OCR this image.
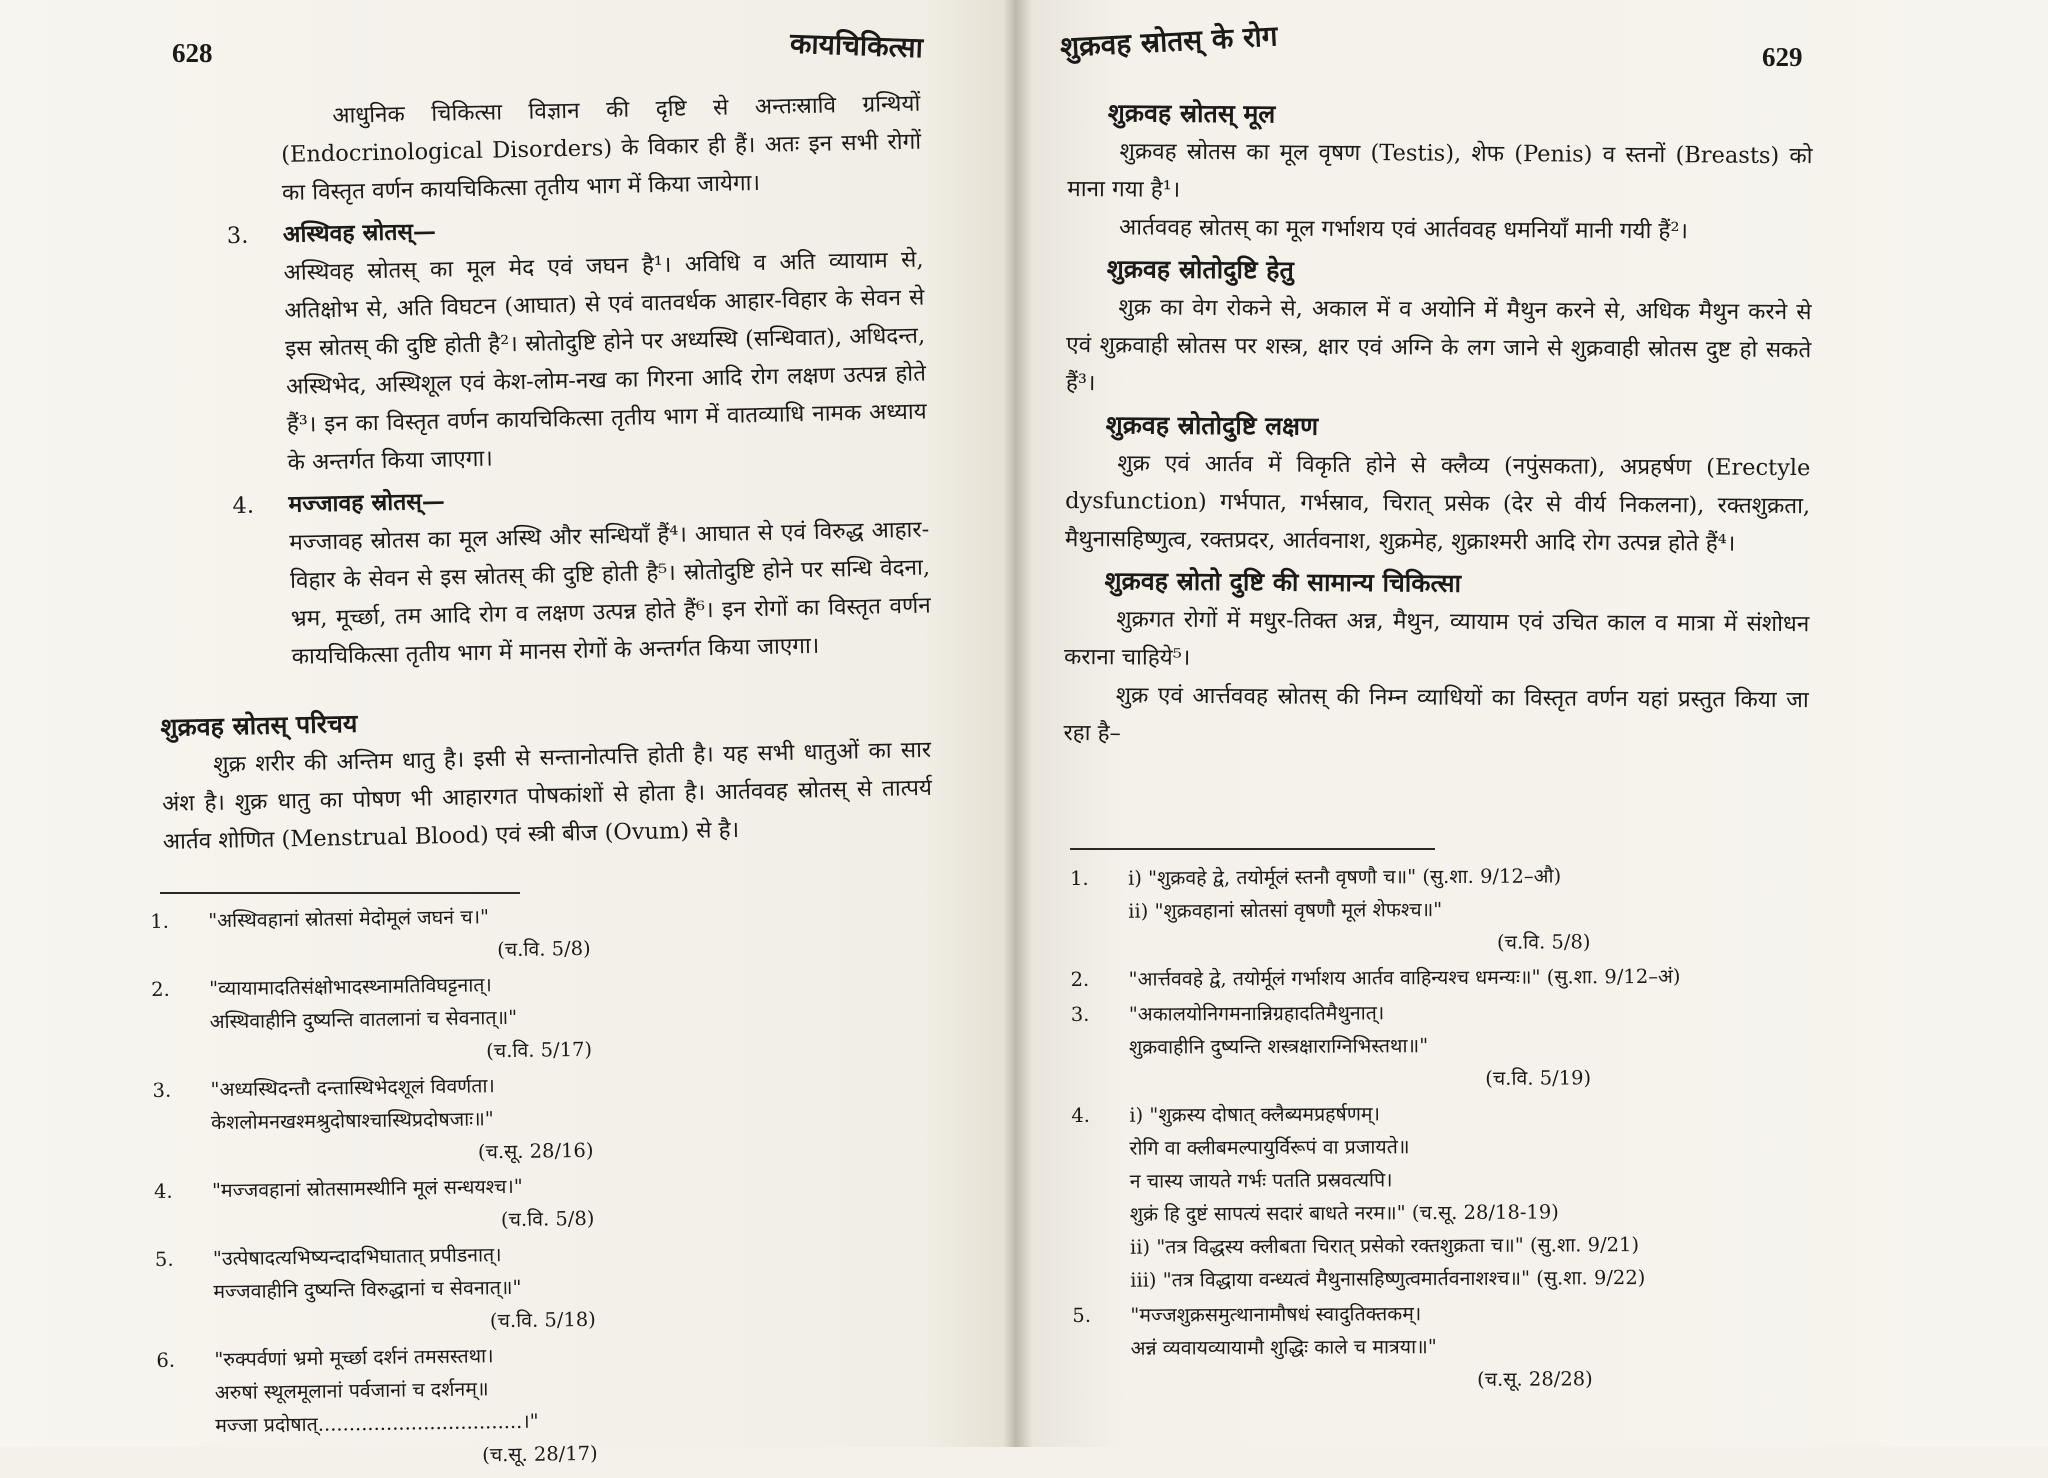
628	कायचिकित्सा

आधुनिक चिकित्सा विज्ञान की दृष्टि से अन्तःस्रावि ग्रन्थियों (Endocrinological Disorders) के विकार ही हैं। अतः इन सभी रोगों का विस्तृत वर्णन कायचिकित्सा तृतीय भाग में किया जायेगा।

3. अस्थिवह स्रोतस्—

अस्थिवह स्रोतस् का मूल मेद एवं जघन है¹। अविधि व अति व्यायाम से, अतिक्षोभ से, अति विघटन (आघात) से एवं वातवर्धक आहार-विहार के सेवन से इस स्रोतस् की दुष्टि होती है²। स्रोतोदुष्टि होने पर अध्यस्थि (सन्धिवात), अधिदन्त, अस्थिभेद, अस्थिशूल एवं केश-लोम-नख का गिरना आदि रोग लक्षण उत्पन्न होते हैं³। इन का विस्तृत वर्णन कायचिकित्सा तृतीय भाग में वातव्याधि नामक अध्याय के अन्तर्गत किया जाएगा।

4. मज्जावह स्रोतस्—

मज्जावह स्रोतस का मूल अस्थि और सन्धियाँ हैं⁴। आघात से एवं विरुद्ध आहार-विहार के सेवन से इस स्रोतस् की दुष्टि होती है⁵। स्रोतोदुष्टि होने पर सन्धि वेदना, भ्रम, मूर्च्छा, तम आदि रोग व लक्षण उत्पन्न होते हैं⁶। इन रोगों का विस्तृत वर्णन कायचिकित्सा तृतीय भाग में मानस रोगों के अन्तर्गत किया जाएगा।

शुक्रवह स्रोतस् परिचय

शुक्र शरीर की अन्तिम धातु है। इसी से सन्तानोत्पत्ति होती है। यह सभी धातुओं का सार अंश है। शुक्र धातु का पोषण भी आहारगत पोषकांशों से होता है। आर्तववह स्रोतस् से तात्पर्य आर्तव शोणित (Menstrual Blood) एवं स्त्री बीज (Ovum) से है।

1. "अस्थिवहानां स्रोतसां मेदोमूलं जघनं च।"
(च.वि. 5/8)
2. "व्यायामादतिसंक्षोभादस्थ्नामतिविघट्टनात्।
अस्थिवाहीनि दुष्यन्ति वातलानां च सेवनात्॥"
(च.वि. 5/17)
3. "अध्यस्थिदन्तौ दन्तास्थिभेदशूलं विवर्णता।
केशलोमनखश्मश्रुदोषाश्चास्थिप्रदोषजाः॥"
(च.सू. 28/16)
4. "मज्जवहानां स्रोतसामस्थीनि मूलं सन्धयश्च।"
(च.वि. 5/8)
5. "उत्पेषादत्यभिष्यन्दादभिघातात् प्रपीडनात्।
मज्जवाहीनि दुष्यन्ति विरुद्धानां च सेवनात्॥"
(च.वि. 5/18)
6. "रुक्पर्वणां भ्रमो मूर्च्छा दर्शनं तमसस्तथा।
अरुषां स्थूलमूलानां पर्वजानां च दर्शनम्॥
मज्जा प्रदोषात्.................................।"
(च.सू. 28/17)
शुक्रवह स्रोतस् के रोग	629

शुक्रवह स्रोतस् मूल

शुक्रवह स्रोतस का मूल वृषण (Testis), शेफ (Penis) व स्तनों (Breasts) को माना गया है¹।

आर्तववह स्रोतस् का मूल गर्भाशय एवं आर्तववह धमनियाँ मानी गयी हैं²।

शुक्रवह स्रोतोदुष्टि हेतु

शुक्र का वेग रोकने से, अकाल में व अयोनि में मैथुन करने से, अधिक मैथुन करने से एवं शुक्रवाही स्रोतस पर शस्त्र, क्षार एवं अग्नि के लग जाने से शुक्रवाही स्रोतस दुष्ट हो सकते हैं³।

शुक्रवह स्रोतोदुष्टि लक्षण

शुक्र एवं आर्तव में विकृति होने से क्लैव्य (नपुंसकता), अप्रहर्षण (Erectyle dysfunction) गर्भपात, गर्भस्राव, चिरात् प्रसेक (देर से वीर्य निकलना), रक्तशुक्रता, मैथुनासहिष्णुत्व, रक्तप्रदर, आर्तवनाश, शुक्रमेह, शुक्राश्मरी आदि रोग उत्पन्न होते हैं⁴।

शुक्रवह स्रोतो दुष्टि की सामान्य चिकित्सा

शुक्रगत रोगों में मधुर-तिक्त अन्न, मैथुन, व्यायाम एवं उचित काल व मात्रा में संशोधन कराना चाहिये⁵।

शुक्र एवं आर्त्तववह स्रोतस् की निम्न व्याधियों का विस्तृत वर्णन यहां प्रस्तुत किया जा रहा है–

1. i) "शुक्रवहे द्वे, तयोर्मूलं स्तनौ वृषणौ च॥" (सु.शा. 9/12–औ)
ii) "शुक्रवहानां स्रोतसां वृषणौ मूलं शेफश्च॥"
(च.वि. 5/8)
2. "आर्त्तववहे द्वे, तयोर्मूलं गर्भाशय आर्तव वाहिन्यश्च धमन्यः॥" (सु.शा. 9/12–अं)
3. "अकालयोनिगमनान्निग्रहादतिमैथुनात्।
शुक्रवाहीनि दुष्यन्ति शस्त्रक्षाराग्निभिस्तथा॥"
(च.वि. 5/19)
4. i) "शुक्रस्य दोषात् क्लैब्यमप्रहर्षणम्।
रोगि वा क्लीबमल्पायुर्विरूपं वा प्रजायते॥
न चास्य जायते गर्भः पतति प्रस्रवत्यपि।
शुक्रं हि दुष्टं सापत्यं सदारं बाधते नरम॥" (च.सू. 28/18-19)
ii) "तत्र विद्धस्य क्लीबता चिरात् प्रसेको रक्तशुक्रता च॥" (सु.शा. 9/21)
iii) "तत्र विद्धाया वन्ध्यत्वं मैथुनासहिष्णुत्वमार्तवनाशश्च॥" (सु.शा. 9/22)
5. "मज्जशुक्रसमुत्थानामौषधं स्वादुतिक्तकम्।
अन्नं व्यवायव्यायामौ शुद्धिः काले च मात्रया॥"
(च.सू. 28/28)
